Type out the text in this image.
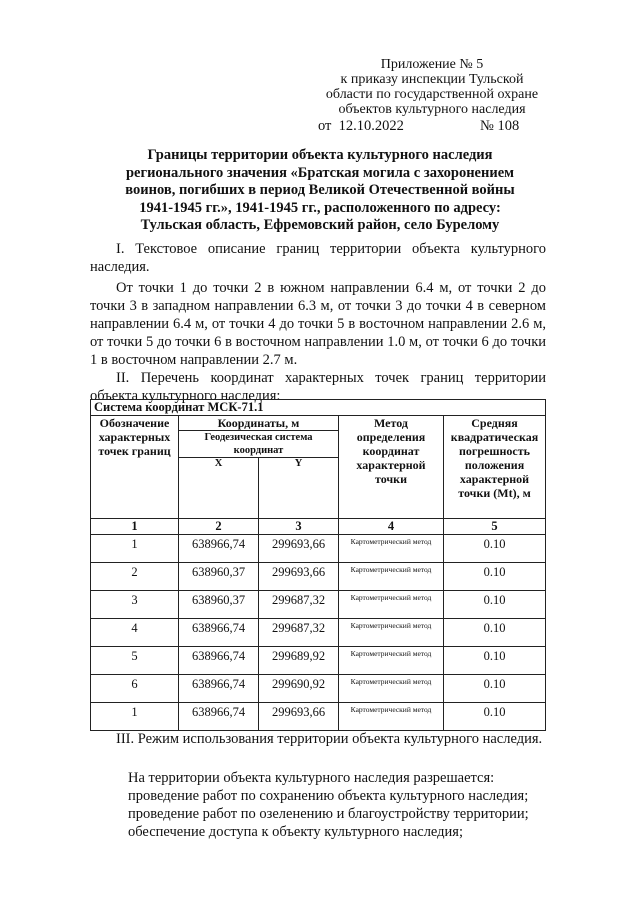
Приложение № 5
к приказу инспекции Тульской
области по государственной охране
объектов культурного наследия
от 12.10.2022	№ 108
Границы территории объекта культурного наследия
регионального значения «Братская могила с захоронением
воинов, погибших в период Великой Отечественной войны
1941-1945 гг.», 1941-1945 гг., расположенного по адресу:
Тульская область, Ефремовский район, село Бурелому
I. Текстовое описание границ территории объекта культурного наследия.
От точки 1 до точки 2 в южном направлении 6.4 м, от точки 2 до точки 3 в западном направлении 6.3 м, от точки 3 до точки 4 в северном направлении 6.4 м, от точки 4 до точки 5 в восточном направлении 2.6 м, от точки 5 до точки 6 в восточном направлении 1.0 м, от точки 6 до точки 1 в восточном направлении 2.7 м.
II. Перечень координат характерных точек границ территории объекта культурного наследия:
Система координат МСК-71.1				
Обозначение характерных точек границ	Координаты, м		Метод определения координат характерной точки	Средняя квадратическая погрешность положения характерной точки (Mt), м
	Геодезическая система координат			
	X	Y		
1	2	3	4	5
1	638966,74	299693,66	Картометрический метод	0.10
2	638960,37	299693,66	Картометрический метод	0.10
3	638960,37	299687,32	Картометрический метод	0.10
4	638966,74	299687,32	Картометрический метод	0.10
5	638966,74	299689,92	Картометрический метод	0.10
6	638966,74	299690,92	Картометрический метод	0.10
1	638966,74	299693,66	Картометрический метод	0.10
III. Режим использования территории объекта культурного наследия.
На территории объекта культурного наследия разрешается:
проведение работ по сохранению объекта культурного наследия;
проведение работ по озеленению и благоустройству территории;
обеспечение доступа к объекту культурного наследия;
